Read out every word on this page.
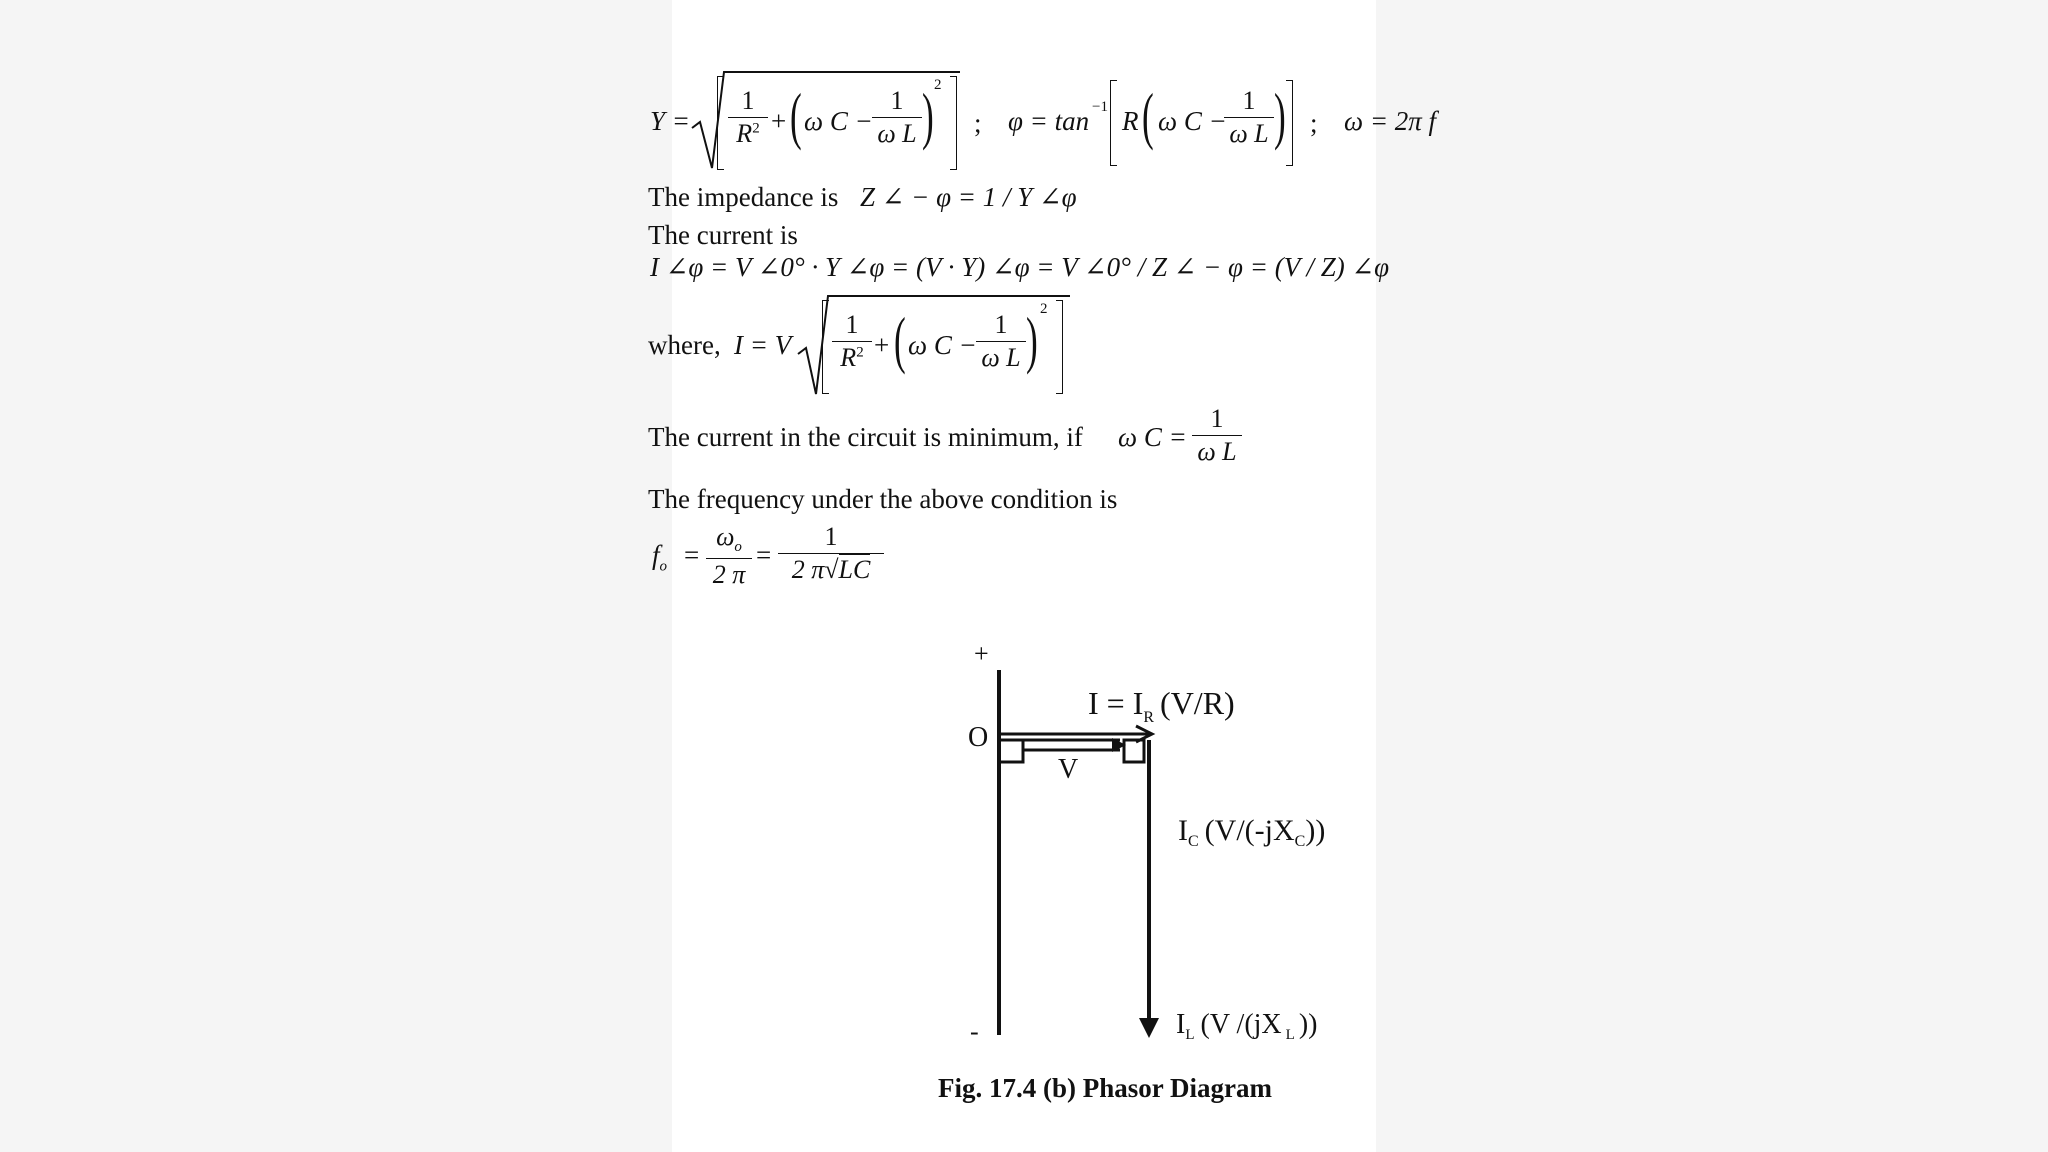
Y =
1
$R^2$ + ( ω C −
1
ω L ) 2
; φ = tan −1 R ( ω C −
1
ω L ) ; ω = 2π f
The impedance is Z ∠ − φ = 1 / Y ∠φ
The current is
I ∠φ = V ∠0° · Y ∠φ = (V · Y) ∠φ = V ∠0° / Z ∠ − φ = (V / Z) ∠φ
where, I = V
1
$R^2$ + ( ω C −
1
ω L ) 2
The current in the circuit is minimum, if ω C =
1
ω L
The frequency under the above condition is
$f_o$ =
$\omega_o$
2 π
=
1
2 π√LC
+
-
O
V
$I = I_R$ (V/R)
$I_C$ $(V/(-jX_C))$
$I_L$ (V /(jX $_L$ ))
Fig. 17.4 (b) Phasor Diagram
